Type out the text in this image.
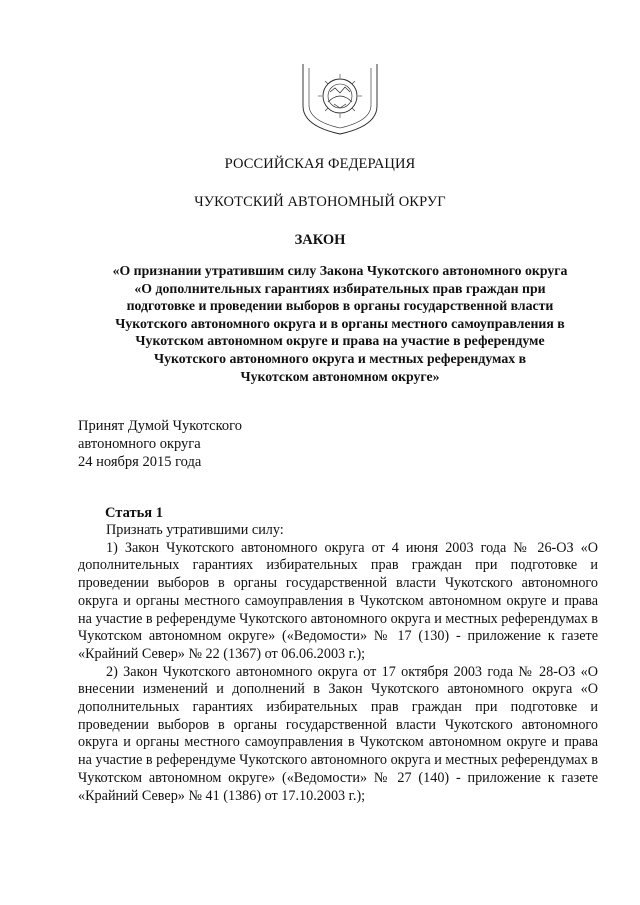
РОССИЙСКАЯ ФЕДЕРАЦИЯ
ЧУКОТСКИЙ АВТОНОМНЫЙ ОКРУГ
ЗАКОН
«О признании утратившим силу Закона Чукотского автономного округа
«О дополнительных гарантиях избирательных прав граждан при
подготовке и проведении выборов в органы государственной власти
Чукотского автономного округа и в органы местного самоуправления в
Чукотском автономном округе и права на участие в референдуме
Чукотского автономного округа и местных референдумах в
Чукотском автономном округе»
Принят Думой Чукотского
автономного округа
24 ноября 2015 года
Статья 1

Признать утратившими силу:

1) Закон Чукотского автономного округа от 4 июня 2003 года № 26-ОЗ «О дополнительных гарантиях избирательных прав граждан при подготовке и проведении выборов в органы государственной власти Чукотского автономного округа и органы местного самоуправления в Чукотском автономном округе и права на участие в референдуме Чукотского автономного округа и местных референдумах в Чукотском автономном округе» («Ведомости» № 17 (130) - приложение к газете «Крайний Север» № 22 (1367) от 06.06.2003 г.);

2) Закон Чукотского автономного округа от 17 октября 2003 года № 28-ОЗ «О внесении изменений и дополнений в Закон Чукотского автономного округа «О дополнительных гарантиях избирательных прав граждан при подготовке и проведении выборов в органы государственной власти Чукотского автономного округа и органы местного самоуправления в Чукотском автономном округе и права на участие в референдуме Чукотского автономного округа и местных референдумах в Чукотском автономном округе» («Ведомости» № 27 (140) - приложение к газете «Крайний Север» № 41 (1386) от 17.10.2003 г.);
